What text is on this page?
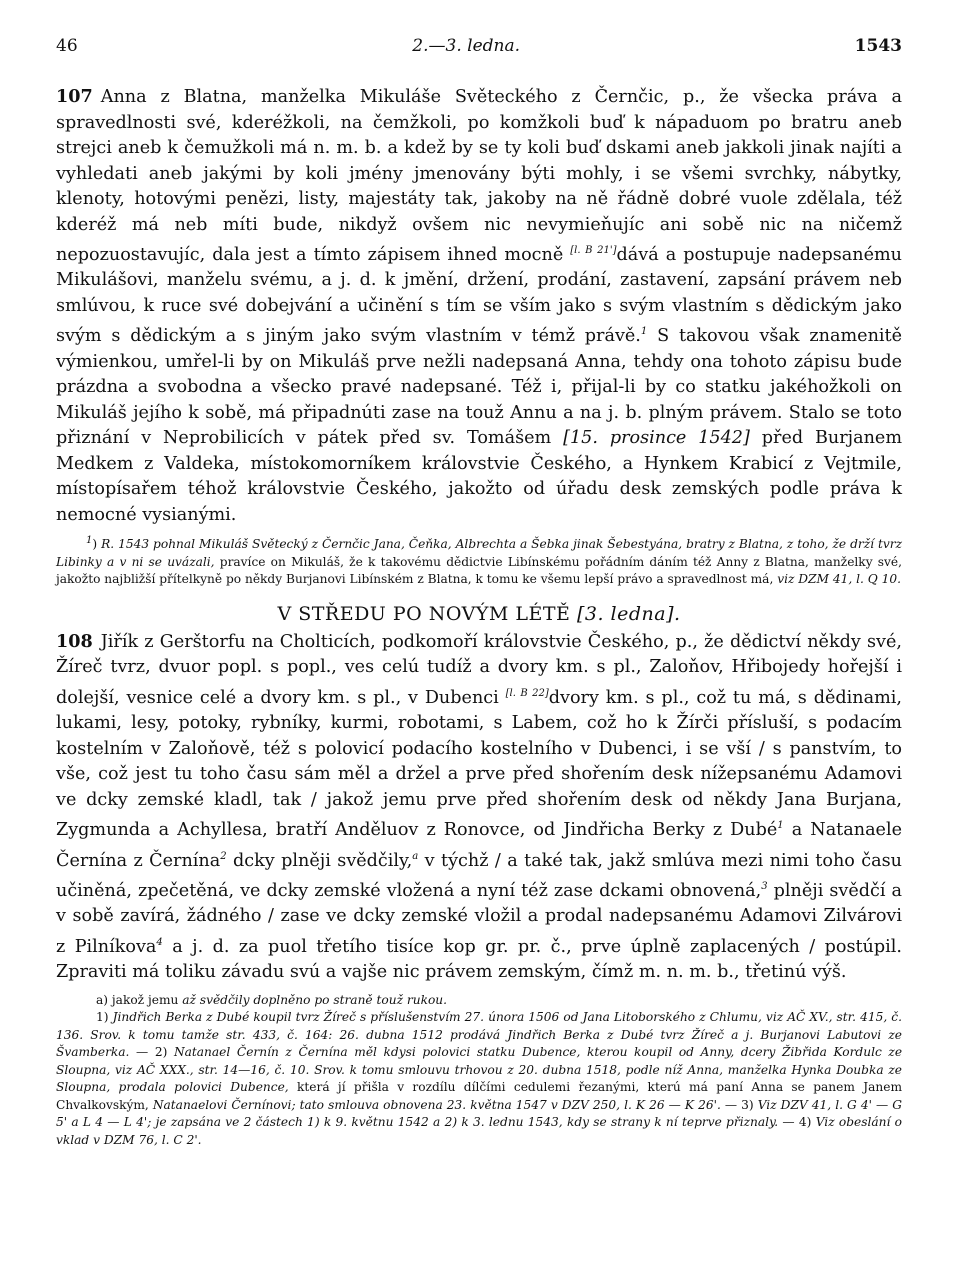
46	2.—3. ledna.	1543
107 Anna z Blatna, manželka Mikuláše Světeckého z Černčic, p., že všecka práva a spravedlnosti své, kderéžkoli, na čemžkoli, po komžkoli buď k nápaduom po bratru aneb strejci aneb k čemužkoli má n. m. b. a kdež by se ty koli buď dskami aneb jakkoli jinak najíti a vyhledati aneb jakými by koli jmény jmenovány býti mohly, i se všemi svrchky, nábytky, klenoty, hotovými penězi, listy, majestáty tak, jakoby na ně řádně dobré vuole zdělala, též kderéž má neb míti bude, nikdyž ovšem nic nevymieňujíc ani sobě nic na ničemž nepozuostavujíc, dala jest a tímto zápisem ihned mocně [l. B 21']dává a postupuje nadepsanému Mikulášovi, manželu svému, a j. d. k jmění, držení, prodání, zastavení, zapsání právem neb smlúvou, k ruce své dobejvání a učinění s tím se vším jako s svým vlastním s dědickým jako svým s dědickým a s jiným jako svým vlastním v témž právě.$^1$ S takovou však znamenitě výmienkou, umřel-li by on Mikuláš prve nežli nadepsaná Anna, tehdy ona tohoto zápisu bude prázdna a svobodna a všecko pravé nadepsané. Též i, přijal-li by co statku jakéhožkoli on Mikuláš jejího k sobě, má připadnúti zase na touž Annu a na j. b. plným právem. Stalo se toto přiznání v Neprobilicích v pátek před sv. Tomášem [15. prosince 1542] před Burjanem Medkem z Valdeka, místokomorníkem královstvie Českého, a Hynkem Krabicí z Vejtmile, místopísařem téhož královstvie Českého, jakožto od úřadu desk zemských podle práva k nemocné vysianými.
$^1$) R. 1543 pohnal Mikuláš Světecký z Černčic Jana, Čeňka, Albrechta a Šebka jinak Šebestyána, bratry z Blatna, z toho, že drží tvrz Libinky a v ni se uvázali, pravíce on Mikuláš, že k takovému dědictvie Libínskému pořádním dáním též Anny z Blatna, manželky své, jakožto najbližší přítelkyně po někdy Burjanovi Libínském z Blatna, k tomu ke všemu lepší právo a spravedlnost má, viz DZM 41, l. Q 10.
V STŘEDU PO NOVÝM LÉTĚ [3. ledna].
108 Jiřík z Gerštorfu na Cholticích, podkomoří královstvie Českého, p., že dědictví někdy své, Žíreč tvrz, dvuor popl. s popl., ves celú tudíž a dvory km. s pl., Zaloňov, Hřibojedy hořejší i dolejší, vesnice celé a dvory km. s pl., v Dubenci [l. B 22]dvory km. s pl., což tu má, s dědinami, lukami, lesy, potoky, rybníky, kurmi, robotami, s Labem, což ho k Žírči přísluší, s podacím kostelním v Zaloňově, též s polovicí podacího kostelního v Dubenci, i se vší / s panstvím, to vše, což jest tu toho času sám měl a držel a prve před shořením desk nížepsanému Adamovi ve dcky zemské kladl, tak / jakož jemu prve před shořením desk od někdy Jana Burjana, Zygmunda a Achyllesa, bratří Anděluov z Ronovce, od Jindřicha Berky z Dubé$^1$ a Natanaele Černína z Černína$^2$ dcky plněji svědčily,$^a$ v týchž / a také tak, jakž smlúva mezi nimi toho času učiněná, zpečetěná, ve dcky zemské vložená a nyní též zase dckami obnovená,$^3$ plněji svědčí a v sobě zavírá, žádného / zase ve dcky zemské vložil a prodal nadepsanému Adamovi Zilvárovi z Pilníkova$^4$ a j. d. za puol třetího tisíce kop gr. pr. č., prve úplně zaplacených / postúpil. Zpraviti má toliku závadu svú a vajše nic právem zemským, čímž m. n. m. b., třetinú výš.
a) jakož jemu až svědčily doplněno po straně touž rukou.
1) Jindřich Berka z Dubé koupil tvrz Žíreč s příslušenstvím 27. února 1506 od Jana Litoborského z Chlumu, viz AČ XV., str. 415, č. 136. Srov. k tomu tamže str. 433, č. 164: 26. dubna 1512 prodává Jindřich Berka z Dubé tvrz Žíreč a j. Burjanovi Labutovi ze Švamberka. — 2) Natanael Černín z Černína měl kdysi polovici statku Dubence, kterou koupil od Anny, dcery Žibřida Kordulc ze Sloupna, viz AČ XXX., str. 14—16, č. 10. Srov. k tomu smlouvu trhovou z 20. dubna 1518, podle níž Anna, manželka Hynka Doubka ze Sloupna, prodala polovici Dubence, která jí přišla v rozdílu dílčími cedulemi řezanými, kterú má paní Anna se panem Janem Chvalkovským, Natanaelovi Černínovi; tato smlouva obnovena 23. května 1547 v DZV 250, l. K 26 — K 26'. — 3) Viz DZV 41, l. G 4' — G 5' a L 4 — L 4'; je zapsána ve 2 částech 1) k 9. květnu 1542 a 2) k 3. lednu 1543, kdy se strany k ní teprve přiznaly. — 4) Viz obeslání o vklad v DZM 76, l. C 2'.
